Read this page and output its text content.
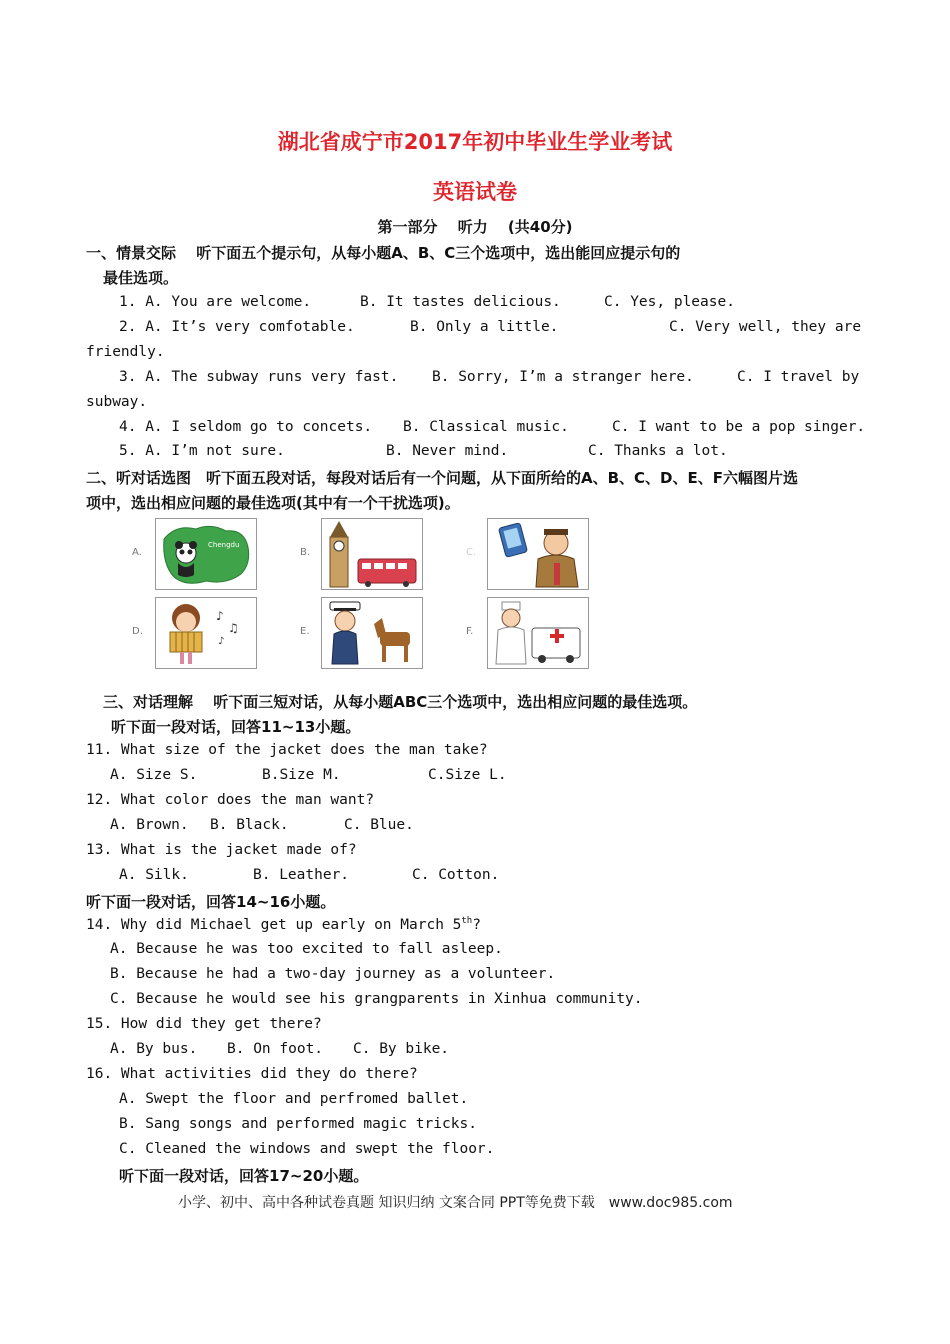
湖北省成宁市2017年初中毕业生学业考试
英语试卷
第一部分　 听力　 (共40分)
一、情景交际　 听下面五个提示句，从每小题A、B、C三个选项中，选出能回应提示句的
最佳选项。
1. A. You are welcome.	B. It tastes delicious.	C. Yes, please.
2. A. It’s very comfotable.	B. Only a little.	C. Very well, they are
friendly.
3. A. The subway runs very fast. B. Sorry, I’m a stranger here.	C. I travel by
subway.
4. A. I seldom go to concets. B. Classical music.	C. I want to be a pop singer.
5. A. I’m not sure.	B. Never mind.	C. Thanks a lot.
二、听对话选图　听下面五段对话，每段对话后有一个问题，从下面所给的A、B、C、D、E、F六幅图片选
项中，选出相应问题的最佳选项(其中有一个干扰选项)。
A.
Chengdu
B.	C.
D.
♪
♫
♪
E.	F.
三、对话理解　 听下面三短对话，从每小题ABC三个选项中，选出相应问题的最佳选项。
听下面一段对话，回答11~13小题。
11. What size of the jacket does the man take?
A. Size S.	B.Size M.	C.Size L.
12. What color does the man want?
A. Brown. B. Black.	C. Blue.
13. What is the jacket made of?
A. Silk.	B. Leather.	C. Cotton.
听下面一段对话，回答14~16小题。
14. Why did Michael get up early on March 5th?
A. Because he was too excited to fall asleep.
B. Because he had a two-day journey as a volunteer.
C. Because he would see his grangparents in Xinhua community.
15. How did they get there?
A. By bus. B. On foot. C. By bike.
16. What activities did they do there?
A. Swept the floor and perfromed ballet.
B. Sang songs and performed magic tricks.
C. Cleaned the windows and swept the floor.
听下面一段对话，回答17~20小题。
小学、初中、高中各种试卷真题 知识归纳 文案合同 PPT等免费下载　www.doc985.com
